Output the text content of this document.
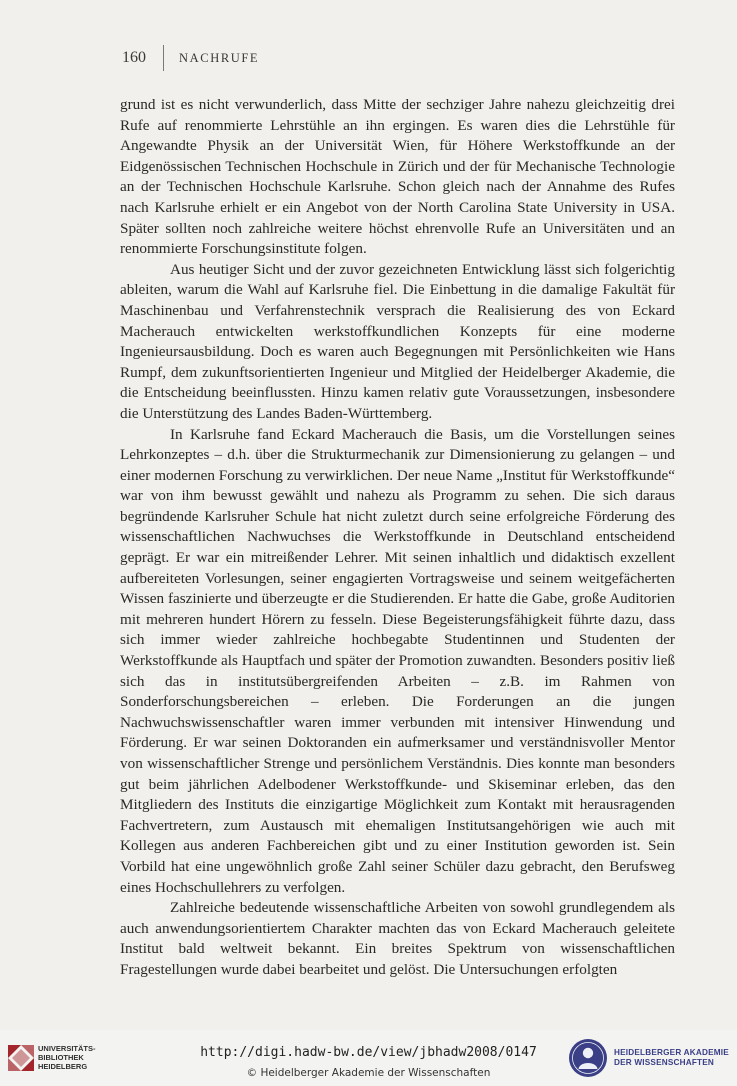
160	NACHRUFE

grund ist es nicht verwunderlich, dass Mitte der sechziger Jahre nahezu gleichzeitig drei Rufe auf renommierte Lehrstühle an ihn ergingen. Es waren dies die Lehrstühle für Angewandte Physik an der Universität Wien, für Höhere Werkstoffkunde an der Eidgenössischen Technischen Hochschule in Zürich und der für Mechanische Technologie an der Technischen Hochschule Karlsruhe. Schon gleich nach der Annahme des Rufes nach Karlsruhe erhielt er ein Angebot von der North Carolina State University in USA. Später sollten noch zahlreiche weitere höchst ehrenvolle Rufe an Universitäten und an renommierte Forschungsinstitute folgen.

Aus heutiger Sicht und der zuvor gezeichneten Entwicklung lässt sich folgerichtig ableiten, warum die Wahl auf Karlsruhe fiel. Die Einbettung in die damalige Fakultät für Maschinenbau und Verfahrenstechnik versprach die Realisierung des von Eckard Macherauch entwickelten werkstoffkundlichen Konzepts für eine moderne Ingenieursausbildung. Doch es waren auch Begegnungen mit Persönlichkeiten wie Hans Rumpf, dem zukunftsorientierten Ingenieur und Mitglied der Heidelberger Akademie, die die Entscheidung beeinflussten. Hinzu kamen relativ gute Voraussetzungen, insbesondere die Unterstützung des Landes Baden-Württemberg.

In Karlsruhe fand Eckard Macherauch die Basis, um die Vorstellungen seines Lehrkonzeptes – d.h. über die Strukturmechanik zur Dimensionierung zu gelangen – und einer modernen Forschung zu verwirklichen. Der neue Name „Institut für Werkstoffkunde“ war von ihm bewusst gewählt und nahezu als Programm zu sehen. Die sich daraus begründende Karlsruher Schule hat nicht zuletzt durch seine erfolgreiche Förderung des wissenschaftlichen Nachwuchses die Werkstoffkunde in Deutschland entscheidend geprägt. Er war ein mitreißender Lehrer. Mit seinen inhaltlich und didaktisch exzellent aufbereiteten Vorlesungen, seiner engagierten Vortragsweise und seinem weitgefächerten Wissen faszinierte und überzeugte er die Studierenden. Er hatte die Gabe, große Auditorien mit mehreren hundert Hörern zu fesseln. Diese Begeisterungsfähigkeit führte dazu, dass sich immer wieder zahlreiche hochbegabte Studentinnen und Studenten der Werkstoffkunde als Hauptfach und später der Promotion zuwandten. Besonders positiv ließ sich das in institutsübergreifenden Arbeiten – z.B. im Rahmen von Sonderforschungsbereichen – erleben. Die Forderungen an die jungen Nachwuchswissenschaftler waren immer verbunden mit intensiver Hinwendung und Förderung. Er war seinen Doktoranden ein aufmerksamer und verständnisvoller Mentor von wissenschaftlicher Strenge und persönlichem Verständnis. Dies konnte man besonders gut beim jährlichen Adelbodener Werkstoffkunde- und Skiseminar erleben, das den Mitgliedern des Instituts die einzigartige Möglichkeit zum Kontakt mit herausragenden Fachvertretern, zum Austausch mit ehemaligen Institutsangehörigen wie auch mit Kollegen aus anderen Fachbereichen gibt und zu einer Institution geworden ist. Sein Vorbild hat eine ungewöhnlich große Zahl seiner Schüler dazu gebracht, den Berufsweg eines Hochschullehrers zu verfolgen.

Zahlreiche bedeutende wissenschaftliche Arbeiten von sowohl grundlegendem als auch anwendungsorientiertem Charakter machten das von Eckard Macherauch geleitete Institut bald weltweit bekannt. Ein breites Spektrum von wissenschaftlichen Fragestellungen wurde dabei bearbeitet und gelöst. Die Untersuchungen erfolgten

UNIVERSITÄTS-
BIBLIOTHEK
HEIDELBERG
http://digi.hadw-bw.de/view/jbhadw2008/0147
© Heidelberger Akademie der Wissenschaften
HEIDELBERGER AKADEMIE
DER WISSENSCHAFTEN
